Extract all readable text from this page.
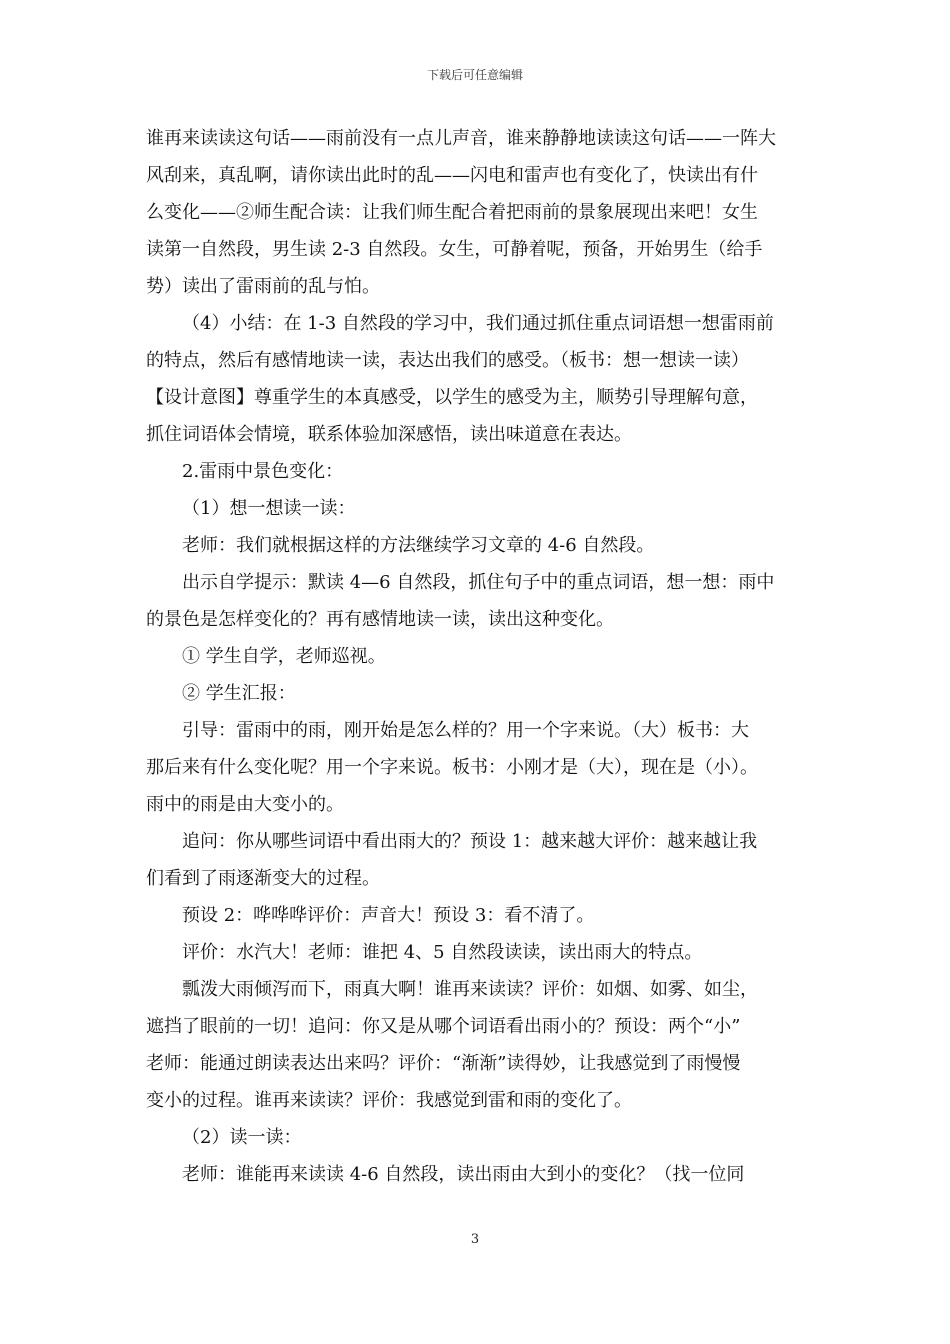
下载后可任意编辑
谁再来读读这句话——雨前没有一点儿声音，谁来静静地读读这句话——一阵大
风刮来，真乱啊，请你读出此时的乱——闪电和雷声也有变化了，快读出有什
么变化——②师生配合读：让我们师生配合着把雨前的景象展现出来吧！女生
读第一自然段，男生读 2-3 自然段。女生，可静着呢，预备，开始男生（给手
势）读出了雷雨前的乱与怕。
（4）小结：在 1-3 自然段的学习中，我们通过抓住重点词语想一想雷雨前
的特点，然后有感情地读一读，表达出我们的感受。（板书：想一想读一读）
【设计意图】尊重学生的本真感受，以学生的感受为主，顺势引导理解句意，
抓住词语体会情境，联系体验加深感悟，读出味道意在表达。
2.雷雨中景色变化：
（1）想一想读一读：
老师：我们就根据这样的方法继续学习文章的 4-6 自然段。
出示自学提示：默读 4—6 自然段，抓住句子中的重点词语，想一想：雨中
的景色是怎样变化的？再有感情地读一读，读出这种变化。
① 学生自学，老师巡视。
② 学生汇报：
引导：雷雨中的雨，刚开始是怎么样的？用一个字来说。（大）板书：大
那后来有什么变化呢？用一个字来说。板书：小刚才是（大），现在是（小）。
雨中的雨是由大变小的。
追问：你从哪些词语中看出雨大的？预设 1：越来越大评价：越来越让我
们看到了雨逐渐变大的过程。
预设 2：哗哗哗评价：声音大！预设 3：看不清了。
评价：水汽大！老师：谁把 4、5 自然段读读，读出雨大的特点。
瓢泼大雨倾泻而下，雨真大啊！谁再来读读？评价：如烟、如雾、如尘，
遮挡了眼前的一切！追问：你又是从哪个词语看出雨小的？预设：两个“小”
老师：能通过朗读表达出来吗？评价：“渐渐”读得妙，让我感觉到了雨慢慢
变小的过程。谁再来读读？评价：我感觉到雷和雨的变化了。
（2）读一读：
老师：谁能再来读读 4-6 自然段，读出雨由大到小的变化？（找一位同
3
